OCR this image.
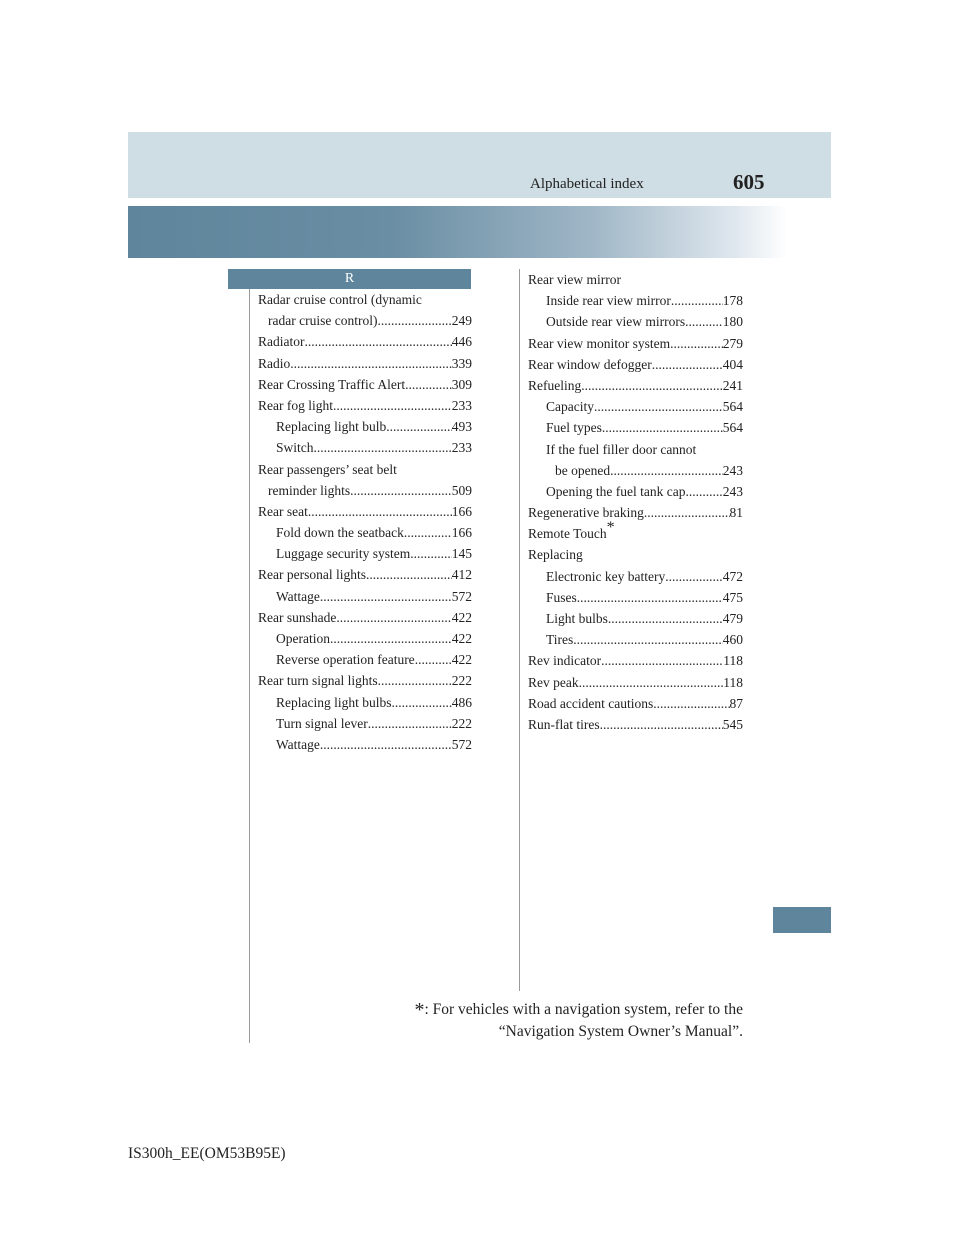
Alphabetical index	605
R
Radar cruise control (dynamic
radar cruise control) .....	249
Radiator .....	446
Radio .....	339
Rear Crossing Traffic Alert .....	309
Rear fog light .....	233
Replacing light bulb .....	493
Switch .....	233
Rear passengers’ seat belt
reminder lights .....	509
Rear seat .....	166
Fold down the seatback .....	166
Luggage security system .....	145
Rear personal lights .....	412
Wattage .....	572
Rear sunshade .....	422
Operation .....	422
Reverse operation feature .....	422
Rear turn signal lights .....	222
Replacing light bulbs .....	486
Turn signal lever .....	222
Wattage .....	572
Rear view mirror
Inside rear view mirror .....	178
Outside rear view mirrors .....	180
Rear view monitor system .....	279
Rear window defogger .....	404
Refueling .....	241
Capacity .....	564
Fuel types .....	564
If the fuel filler door cannot
be opened .....	243
Opening the fuel tank cap .....	243
Regenerative braking .....	81
Remote Touch *
Replacing
Electronic key battery .....	472
Fuses .....	475
Light bulbs .....	479
Tires .....	460
Rev indicator .....	118
Rev peak .....	118
Road accident cautions .....	87
Run-flat tires .....	545
*: For vehicles with a navigation system, refer to the
“Navigation System Owner’s Manual”.
IS300h_EE(OM53B95E)
